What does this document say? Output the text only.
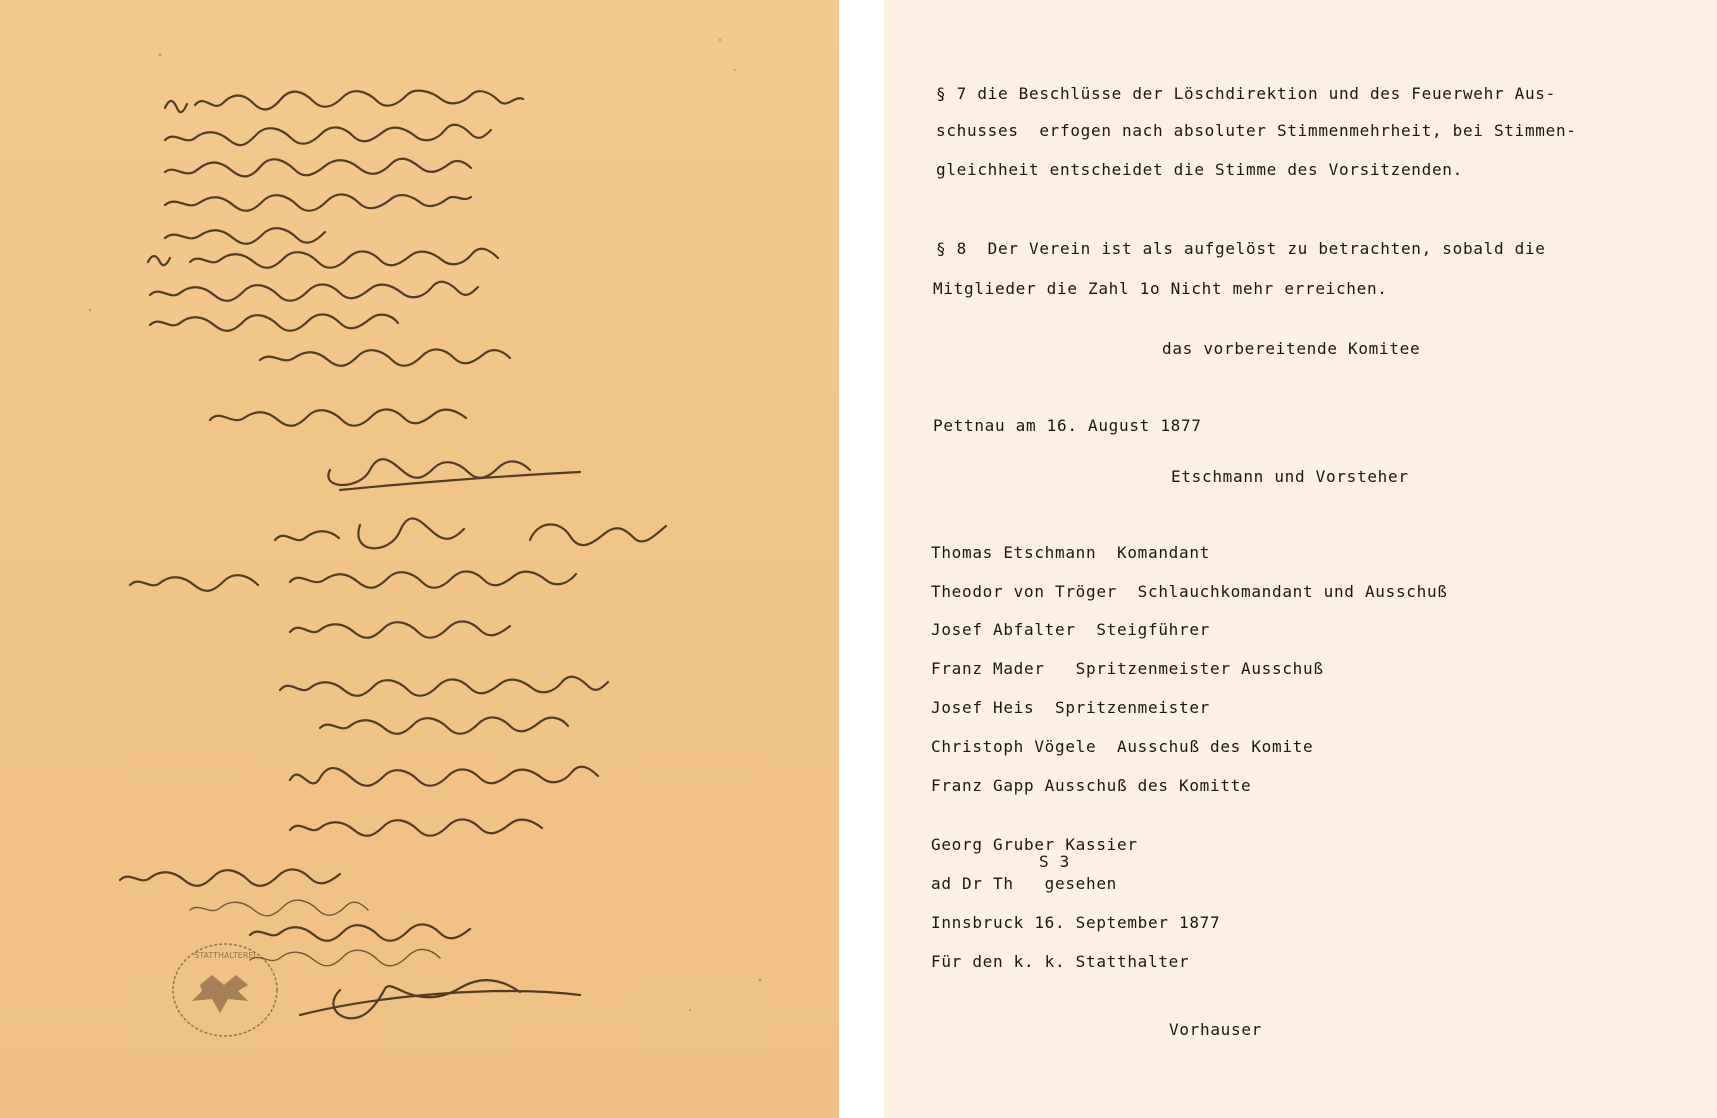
STATTHALTEREI

§ 7 die Beschlüsse der Löschdirektion und des Feuerwehr Aus-

schusses  erfogen nach absoluter Stimmenmehrheit, bei Stimmen-

gleichheit entscheidet die Stimme des Vorsitzenden.

§ 8  Der Verein ist als aufgelöst zu betrachten, sobald die

Mitglieder die Zahl 1o Nicht mehr erreichen.

das vorbereitende Komitee

Pettnau am 16. August 1877

Etschmann und Vorsteher

Thomas Etschmann  Komandant

Theodor von Tröger  Schlauchkomandant und Ausschuß

Josef Abfalter  Steigführer

Franz Mader   Spritzenmeister Ausschuß

Josef Heis  Spritzenmeister

Christoph Vögele  Ausschuß des Komite

Franz Gapp Ausschuß des Komitte

Georg Gruber Kassier

S 3

ad Dr Th   gesehen

Innsbruck 16. September 1877

Für den k. k. Statthalter

Vorhauser
